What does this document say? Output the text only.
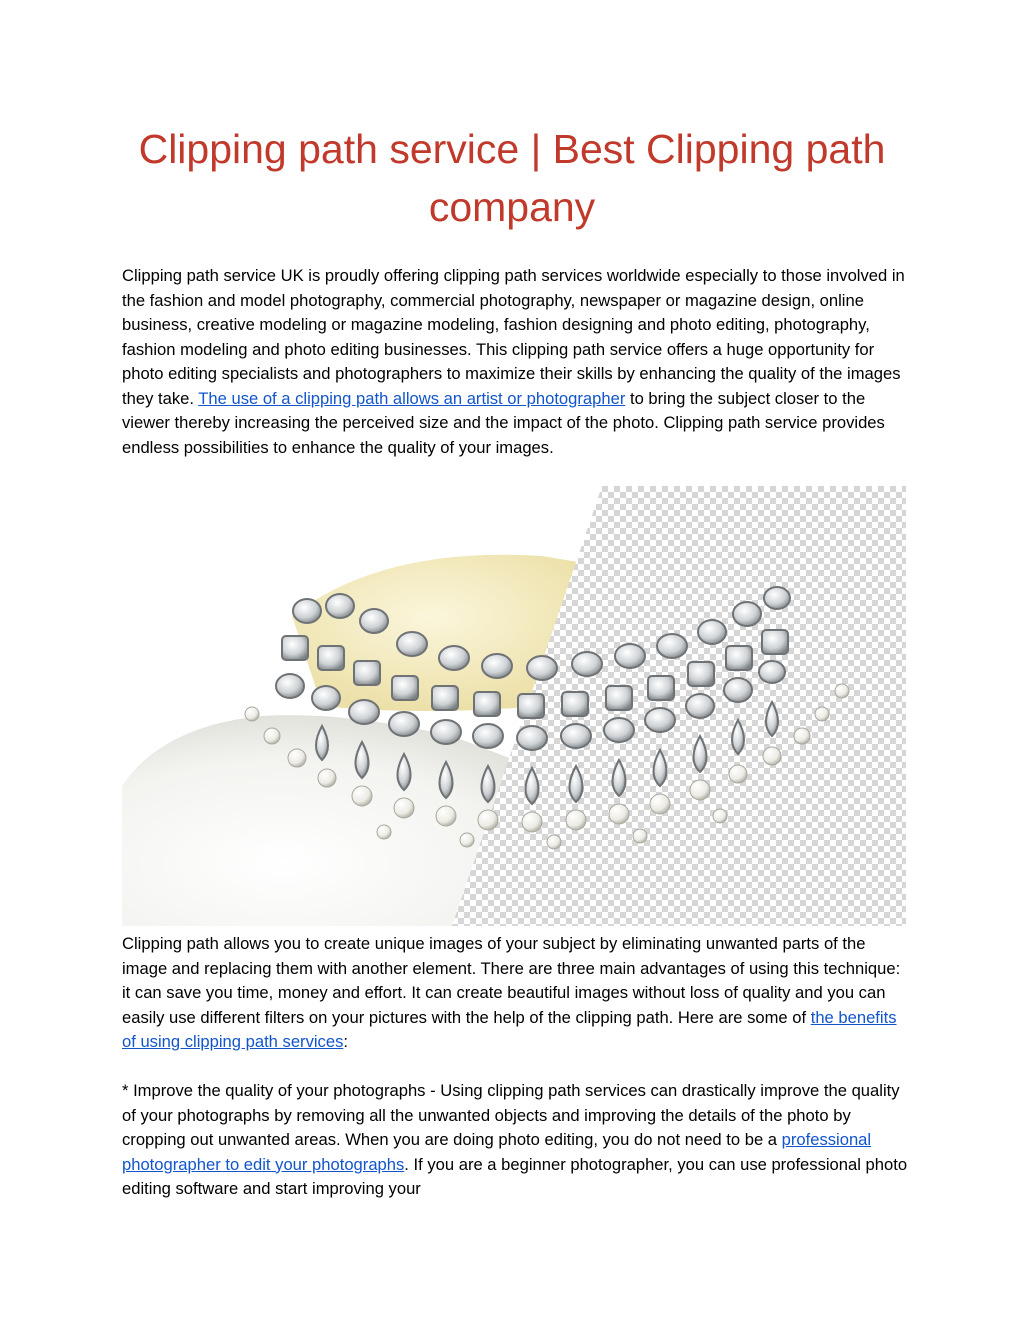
Clipping path service | Best Clipping path company

Clipping path service UK is proudly offering clipping path services worldwide especially to those involved in the fashion and model photography, commercial photography, newspaper or magazine design, online business, creative modeling or magazine modeling, fashion designing and photo editing, photography, fashion modeling and photo editing businesses. This clipping path service offers a huge opportunity for photo editing specialists and photographers to maximize their skills by enhancing the quality of the images they take. The use of a clipping path allows an artist or photographer to bring the subject closer to the viewer thereby increasing the perceived size and the impact of the photo. Clipping path service provides endless possibilities to enhance the quality of your images.

Clipping path allows you to create unique images of your subject by eliminating unwanted parts of the image and replacing them with another element. There are three main advantages of using this technique: it can save you time, money and effort. It can create beautiful images without loss of quality and you can easily use different filters on your pictures with the help of the clipping path. Here are some of the benefits of using clipping path services:

* Improve the quality of your photographs - Using clipping path services can drastically improve the quality of your photographs by removing all the unwanted objects and improving the details of the photo by cropping out unwanted areas. When you are doing photo editing, you do not need to be a professional photographer to edit your photographs. If you are a beginner photographer, you can use professional photo editing software and start improving your
